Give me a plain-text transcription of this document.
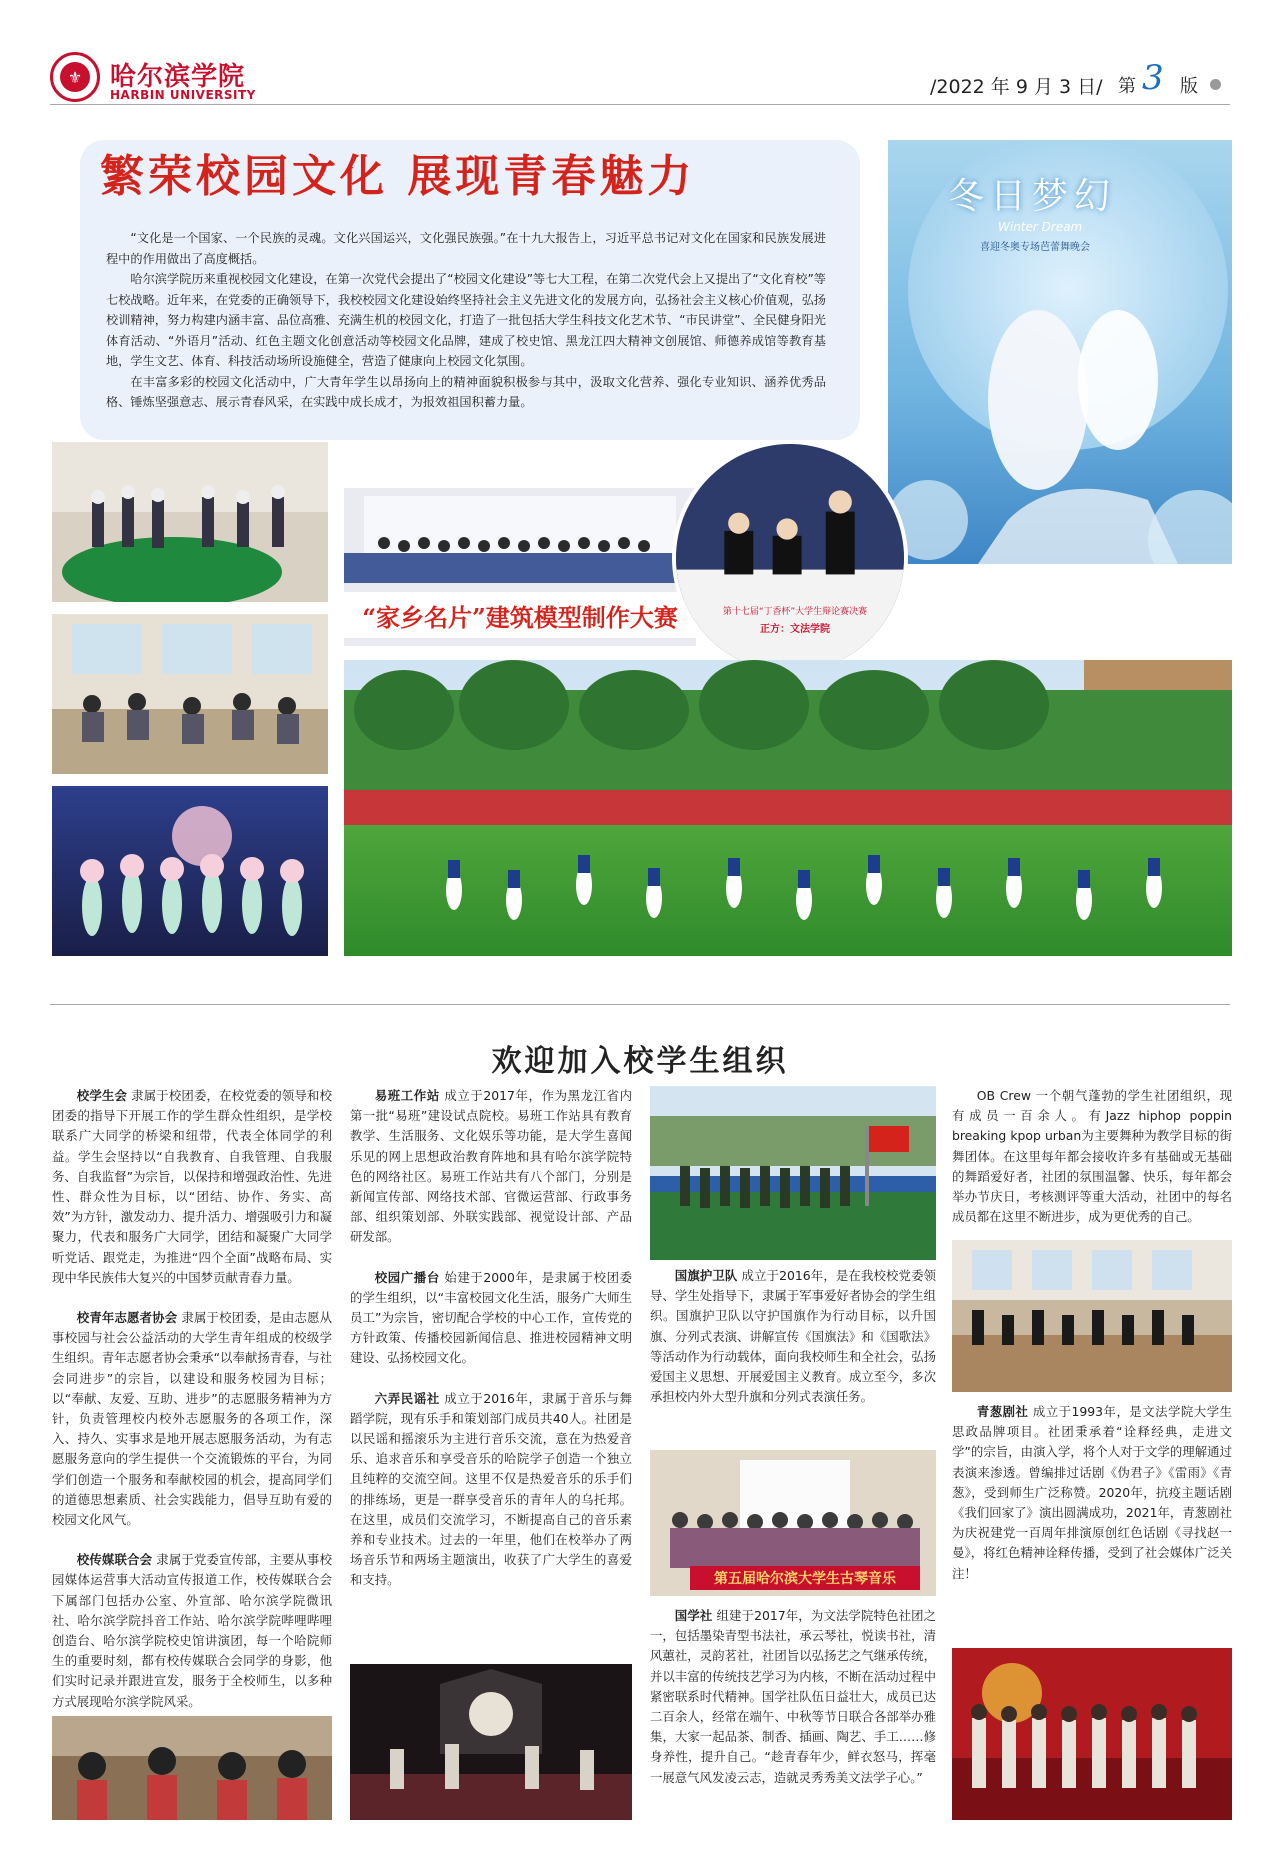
⚜	哈尔滨学院
HARBIN UNIVERSITY	/2022 年 9 月 3 日/ 第 3 版
繁荣校园文化 展现青春魅力

“文化是一个国家、一个民族的灵魂。文化兴国运兴，文化强民族强。”在十九大报告上，习近平总书记对文化在国家和民族发展进程中的作用做出了高度概括。

哈尔滨学院历来重视校园文化建设，在第一次党代会提出了“校园文化建设”等七大工程，在第二次党代会上又提出了“文化育校”等七校战略。近年来，在党委的正确领导下，我校校园文化建设始终坚持社会主义先进文化的发展方向，弘扬社会主义核心价值观，弘扬校训精神，努力构建内涵丰富、品位高雅、充满生机的校园文化，打造了一批包括大学生科技文化艺术节、“市民讲堂”、全民健身阳光体育活动、“外语月”活动、红色主题文化创意活动等校园文化品牌，建成了校史馆、黑龙江四大精神文创展馆、师德养成馆等教育基地，学生文艺、体育、科技活动场所设施健全，营造了健康向上校园文化氛围。

在丰富多彩的校园文化活动中，广大青年学生以昂扬向上的精神面貌积极参与其中，汲取文化营养、强化专业知识、涵养优秀品格、锤炼坚强意志、展示青春风采，在实践中成长成才，为报效祖国积蓄力量。

冬日梦幻
Winter Dream
喜迎冬奥专场芭蕾舞晚会
“家乡名片”建筑模型制作大赛	第十七届“丁香杯”大学生辩论赛决赛
正方：文法学院
欢迎加入校学生组织

校学生会 隶属于校团委，在校党委的领导和校团委的指导下开展工作的学生群众性组织，是学校联系广大同学的桥梁和纽带，代表全体同学的利益。学生会坚持以“自我教育、自我管理、自我服务、自我监督”为宗旨，以保持和增强政治性、先进性、群众性为目标，以“团结、协作、务实、高效”为方针，激发动力、提升活力、增强吸引力和凝聚力，代表和服务广大同学，团结和凝聚广大同学听党话、跟党走，为推进“四个全面”战略布局、实现中华民族伟大复兴的中国梦贡献青春力量。

校青年志愿者协会 隶属于校团委，是由志愿从事校园与社会公益活动的大学生青年组成的校级学生组织。青年志愿者协会秉承“以奉献扬青春，与社会同进步”的宗旨，以建设和服务校园为目标；以“奉献、友爱、互助、进步”的志愿服务精神为方针，负责管理校内校外志愿服务的各项工作，深入、持久、实事求是地开展志愿服务活动，为有志愿服务意向的学生提供一个交流锻炼的平台，为同学们创造一个服务和奉献校园的机会，提高同学们的道德思想素质、社会实践能力，倡导互助有爱的校园文化风气。

校传媒联合会 隶属于党委宣传部，主要从事校园媒体运营事大活动宣传报道工作，校传媒联合会下属部门包括办公室、外宣部、哈尔滨学院微讯社、哈尔滨学院抖音工作站、哈尔滨学院哔哩哔哩创造台、哈尔滨学院校史馆讲演团，每一个哈院师生的重要时刻，都有校传媒联合会同学的身影，他们实时记录并跟进宣发，服务于全校师生，以多种方式展现哈尔滨学院风采。

易班工作站 成立于2017年，作为黑龙江省内第一批“易班”建设试点院校。易班工作站具有教育教学、生活服务、文化娱乐等功能，是大学生喜闻乐见的网上思想政治教育阵地和具有哈尔滨学院特色的网络社区。易班工作站共有八个部门，分别是新闻宣传部、网络技术部、官微运营部、行政事务部、组织策划部、外联实践部、视觉设计部、产品研发部。

校园广播台 始建于2000年，是隶属于校团委的学生组织，以“丰富校园文化生活，服务广大师生员工”为宗旨，密切配合学校的中心工作，宣传党的方针政策、传播校园新闻信息、推进校园精神文明建设、弘扬校园文化。

六弄民谣社 成立于2016年，隶属于音乐与舞蹈学院，现有乐手和策划部门成员共40人。社团是以民谣和摇滚乐为主进行音乐交流，意在为热爱音乐、追求音乐和享受音乐的哈院学子创造一个独立且纯粹的交流空间。这里不仅是热爱音乐的乐手们的排练场，更是一群享受音乐的青年人的乌托邦。在这里，成员们交流学习，不断提高自己的音乐素养和专业技术。过去的一年里，他们在校举办了两场音乐节和两场主题演出，收获了广大学生的喜爱和支持。

国旗护卫队 成立于2016年，是在我校校党委领导、学生处指导下，隶属于军事爱好者协会的学生组织。国旗护卫队以守护国旗作为行动目标，以升国旗、分列式表演、讲解宣传《国旗法》和《国歌法》等活动作为行动载体，面向我校师生和全社会，弘扬爱国主义思想、开展爱国主义教育。成立至今，多次承担校内外大型升旗和分列式表演任务。

第五届哈尔滨大学生古琴音乐

国学社 组建于2017年，为文法学院特色社团之一，包括墨染青型书法社，承云琴社，悦读书社，清风蕙社，灵韵茗社，社团旨以弘扬艺之气继承传统，并以丰富的传统技艺学习为内核，不断在活动过程中紧密联系时代精神。国学社队伍日益壮大，成员已达二百余人，经常在端午、中秋等节日联合各部举办雅集，大家一起品茶、制香、插画、陶艺、手工……修身养性，提升自己。“趁青春年少，鲜衣怒马，挥毫一展意气风发凌云志，造就灵秀秀美文法学子心。”

OB Crew 一个朝气蓬勃的学生社团组织，现有成员一百余人。有Jazz hiphop poppin breaking kpop urban为主要舞种为教学目标的街舞团体。在这里每年都会接收许多有基础或无基础的舞蹈爱好者，社团的氛围温馨、快乐，每年都会举办节庆日，考核测评等重大活动，社团中的每名成员都在这里不断进步，成为更优秀的自己。

青葱剧社 成立于1993年，是文法学院大学生思政品牌项目。社团秉承着“诠释经典，走进文学”的宗旨，由演入学，将个人对于文学的理解通过表演来渗透。曾编排过话剧《伪君子》《雷雨》《青葱》，受到师生广泛称赞。2020年，抗疫主题话剧《我们回家了》演出圆满成功，2021年，青葱剧社为庆祝建党一百周年排演原创红色话剧《寻找赵一曼》，将红色精神诠释传播，受到了社会媒体广泛关注！
